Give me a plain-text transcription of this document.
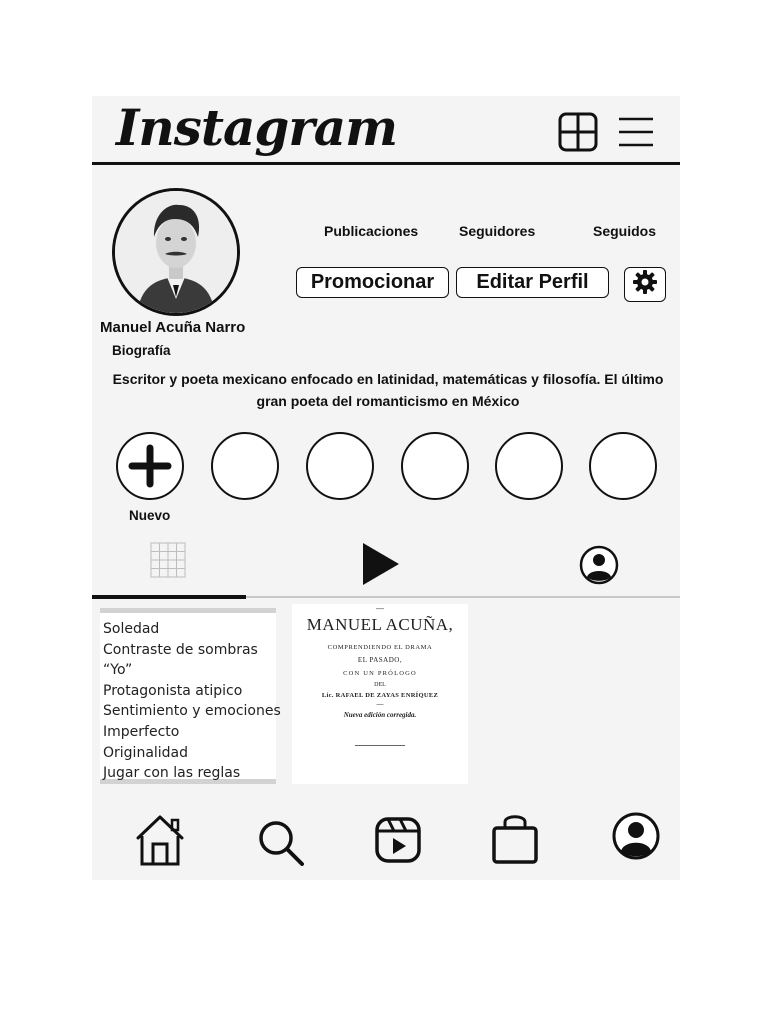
Instagram
Manuel Acuña Narro
Biografía
Publicaciones	Seguidores	Seguidos
Promocionar	Editar Perfil
Escritor y poeta mexicano enfocado en latinidad, matemáticas y filosofía. El último gran poeta del romanticismo en México
Nuevo
Soledad
Contraste de sombras
“Yo”
Protagonista atipico
Sentimiento y emociones
Imperfecto
Originalidad
Jugar con las reglas
—
MANUEL ACUÑA,
COMPRENDIENDO EL DRAMA
EL PASADO,
CON UN PRÓLOGO
DEL
Lic. RAFAEL DE ZAYAS ENRÍQUEZ
—
Nueva edición corregida.
